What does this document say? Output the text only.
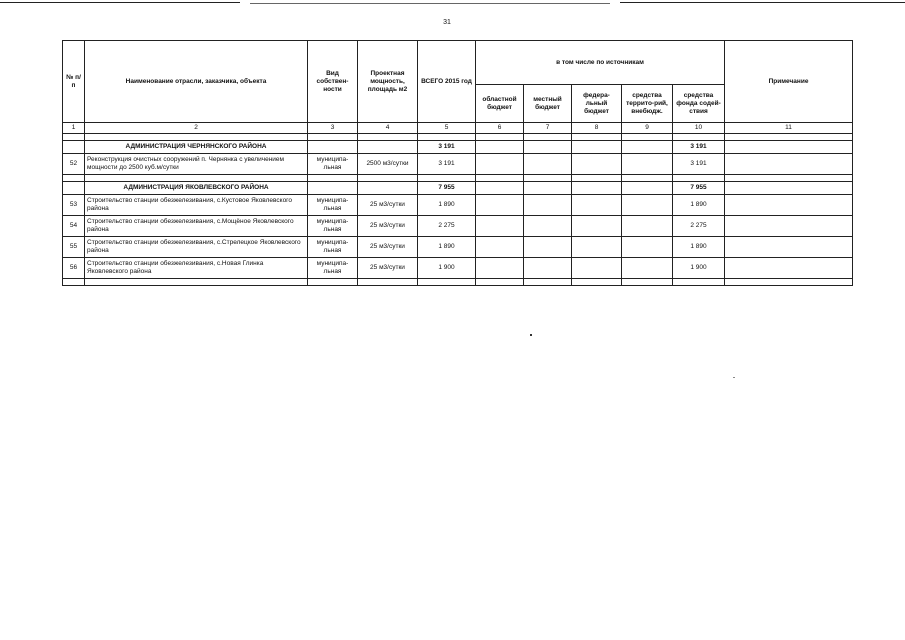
31
№ п/п	Наименование отрасли, заказчика, объекта	Вид собствен-ности	Проектная мощность, площадь м2	ВСЕГО 2015 год	в том числе по источникам					Примечание
					областной бюджет	местный бюджет	федера-льный бюджет	средства террито-рий, внебюдж.	средства фонда содей-ствия	
1	2	3	4	5	6	7	8	9	10	11

	АДМИНИСТРАЦИЯ ЧЕРНЯНСКОГО РАЙОНА			3 191					3 191	
52	Реконструкция очистных сооружений п. Чернянка с увеличением мощности до 2500 куб.м/сутки	муниципа-льная	2500 м3/сутки	3 191					3 191	

	АДМИНИСТРАЦИЯ ЯКОВЛЕВСКОГО РАЙОНА			7 955					7 955	
53	Строительство станции обезжелезивания, с.Кустовое Яковлевского района	муниципа-льная	25 м3/сутки	1 890					1 890	
54	Строительство станции обезжелезивания, с.Мощёное Яковлевского района	муниципа-льная	25 м3/сутки	2 275					2 275	
55	Строительство станции обезжелезивания, с.Стрелецкое Яковлевского района	муниципа-льная	25 м3/сутки	1 890					1 890	
56	Строительство станции обезжелезивания, с.Новая Глинка Яковлевского района	муниципа-льная	25 м3/сутки	1 900					1 900	
